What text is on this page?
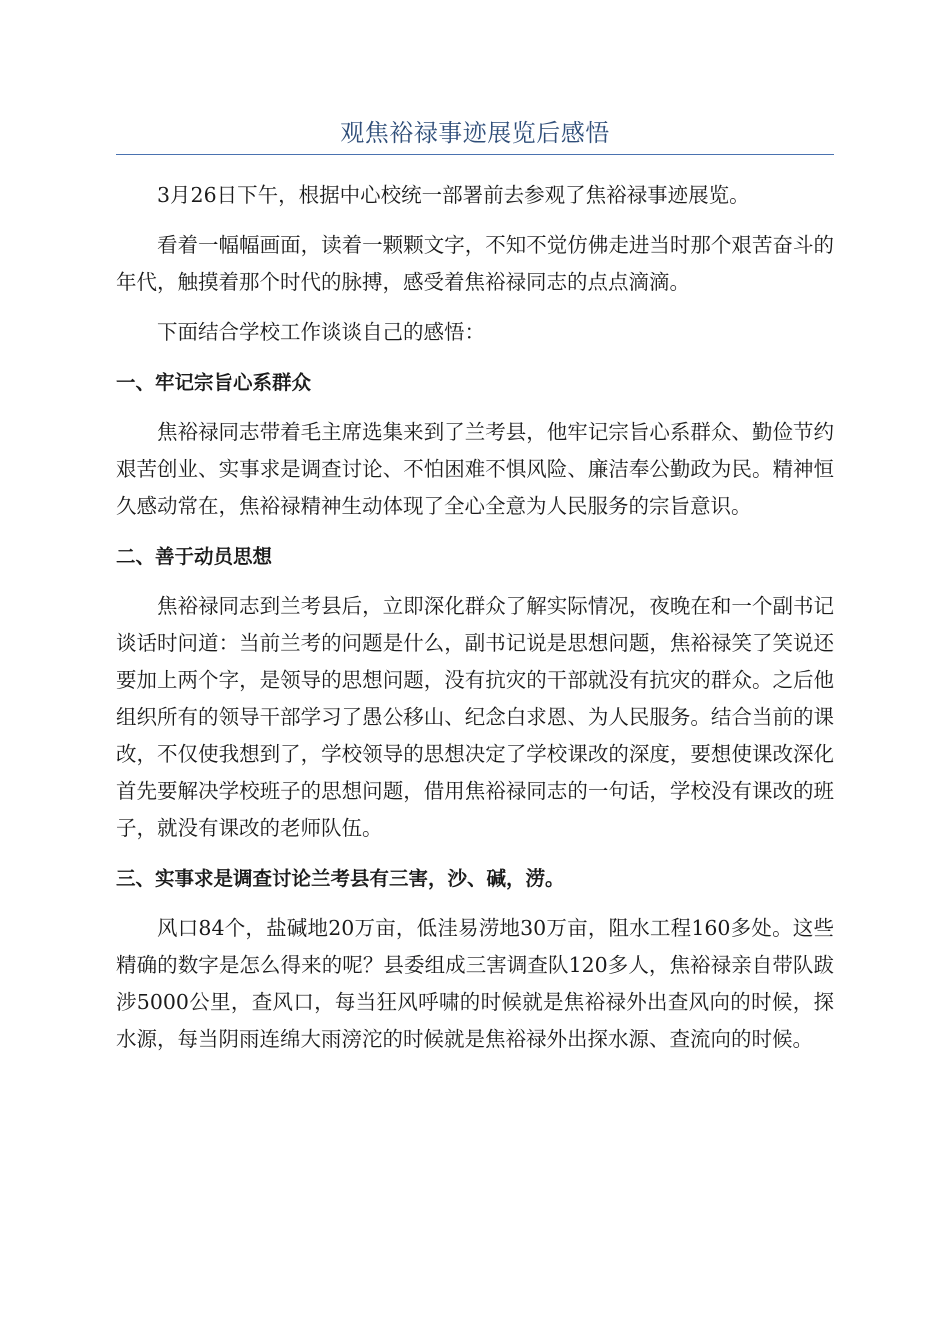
观焦裕禄事迹展览后感悟

3月26日下午，根据中心校统一部署前去参观了焦裕禄事迹展览。

看着一幅幅画面，读着一颗颗文字，不知不觉仿佛走进当时那个艰苦奋斗的年代，触摸着那个时代的脉搏，感受着焦裕禄同志的点点滴滴。

下面结合学校工作谈谈自己的感悟：

一、牢记宗旨心系群众

焦裕禄同志带着毛主席选集来到了兰考县，他牢记宗旨心系群众、勤俭节约艰苦创业、实事求是调查讨论、不怕困难不惧风险、廉洁奉公勤政为民。精神恒久感动常在，焦裕禄精神生动体现了全心全意为人民服务的宗旨意识。

二、善于动员思想

焦裕禄同志到兰考县后，立即深化群众了解实际情况，夜晚在和一个副书记谈话时问道：当前兰考的问题是什么，副书记说是思想问题，焦裕禄笑了笑说还要加上两个字，是领导的思想问题，没有抗灾的干部就没有抗灾的群众。之后他组织所有的领导干部学习了愚公移山、纪念白求恩、为人民服务。结合当前的课改，不仅使我想到了，学校领导的思想决定了学校课改的深度，要想使课改深化首先要解决学校班子的思想问题，借用焦裕禄同志的一句话，学校没有课改的班子，就没有课改的老师队伍。

三、实事求是调查讨论兰考县有三害，沙、碱，涝。

风口84个，盐碱地20万亩，低洼易涝地30万亩，阻水工程160多处。这些精确的数字是怎么得来的呢？县委组成三害调查队120多人，焦裕禄亲自带队跋涉5000公里，查风口，每当狂风呼啸的时候就是焦裕禄外出查风向的时候，探水源，每当阴雨连绵大雨滂沱的时候就是焦裕禄外出探水源、查流向的时候。
